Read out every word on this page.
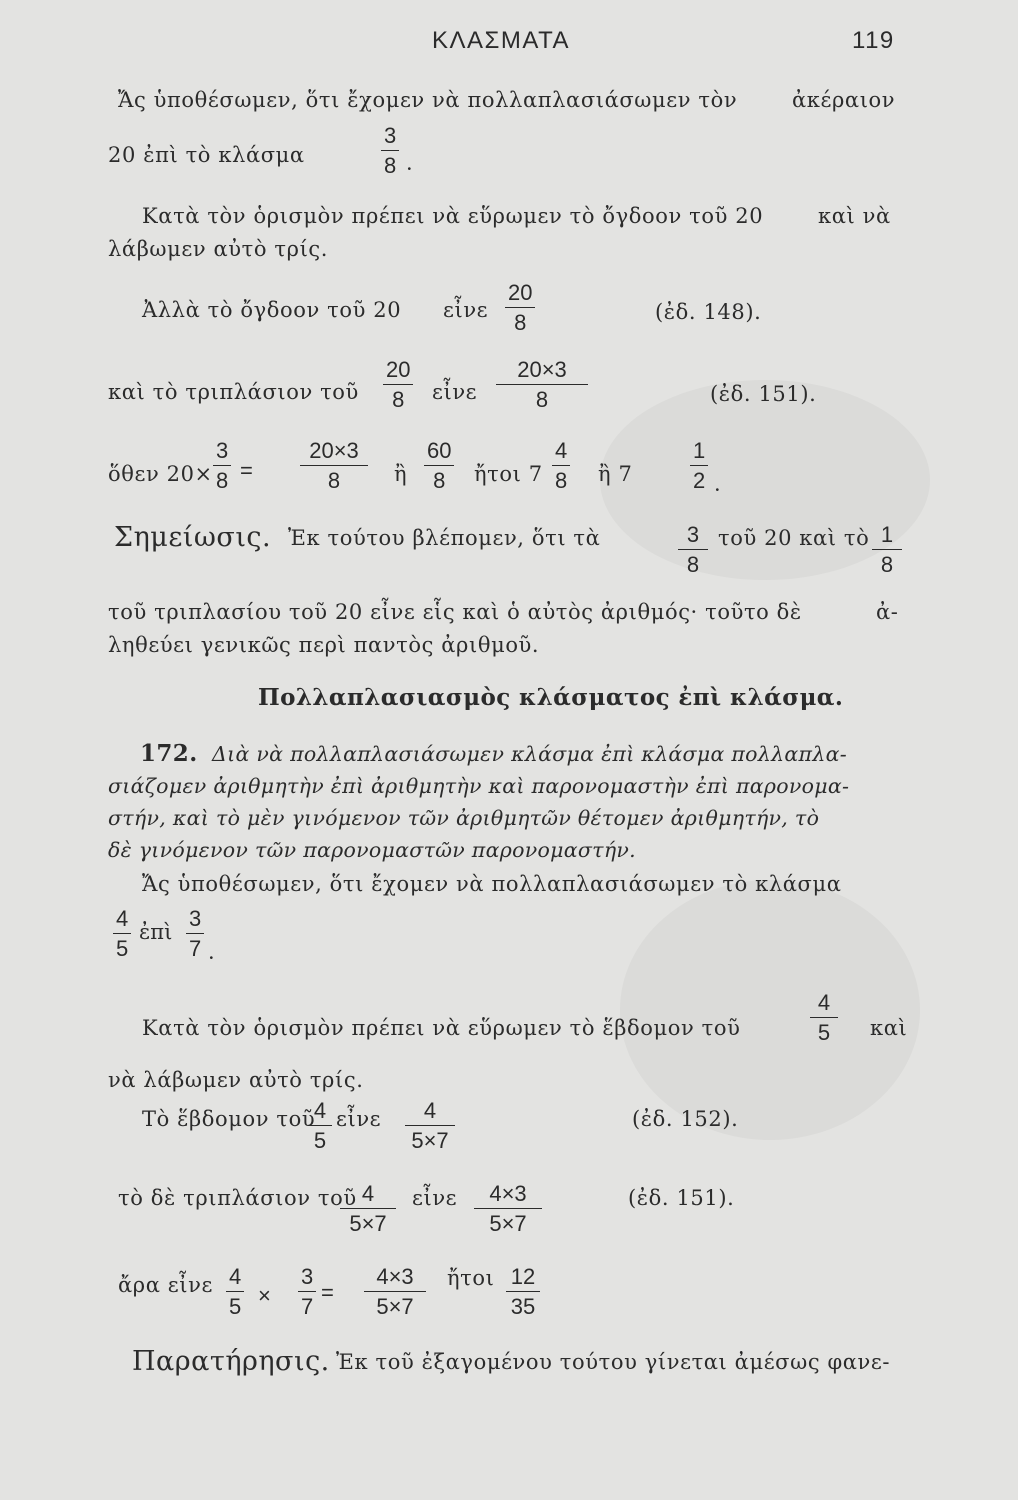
ΚΛΑΣΜΑΤΑ	119
Ἄς ὑποθέσωμεν, ὅτι ἔχομεν νὰ πολλαπλασιάσωμεν τὸν	ἀκέραιον
20 ἐπὶ τὸ κλάσμα	$\frac{3}{8}$ ·
Κατὰ τὸν ὁρισμὸν πρέπει νὰ εὕρωμεν τὸ ὄγδοον τοῦ 20	καὶ νὰ
λάβωμεν αὐτὸ τρίς.
Ἀλλὰ τὸ ὄγδοον τοῦ 20 εἶνε $\frac{20}{8}$	(ἐδ. 148).
καὶ τὸ τριπλάσιον τοῦ $\frac{20}{8}$ εἶνε $\frac{20\times 3}{8}$	(ἐδ. 151).
ὅθεν $20\times \frac{3}{8} = \frac{20\times 3}{8}$ ἢ $\frac{60}{8}$ ἤτοι $7 \frac{4}{8}$ ἢ 7	$\frac{1}{2}$ ·
Σημείωσις. Ἐκ τούτου βλέπομεν, ὅτι τὰ	$\frac{3}{8}$ τοῦ 20 καὶ τὸ $\frac{1}{8}$
τοῦ τριπλασίου τοῦ 20 εἶνε εἷς καὶ ὁ αὐτὸς ἀριθμός· τοῦτο δὲ	ἀ-
ληθεύει γενικῶς περὶ παντὸς ἀριθμοῦ.
Πολλαπλασιασμὸς κλάσματος ἐπὶ κλάσμα.
172. Διὰ νὰ πολλαπλασιάσωμεν κλάσμα ἐπὶ κλάσμα πολλαπλα-
σιάζομεν ἀριθμητὴν ἐπὶ ἀριθμητὴν καὶ παρονομαστὴν ἐπὶ παρονομα-
στήν, καὶ τὸ μὲν γινόμενον τῶν ἀριθμητῶν θέτομεν ἀριθμητήν, τὸ
δὲ γινόμενον τῶν παρονομαστῶν παρονομαστήν.
Ἄς ὑποθέσωμεν, ὅτι ἔχομεν νὰ πολλαπλασιάσωμεν τὸ κλάσμα
$\frac{4}{5}$ ἐπὶ $\frac{3}{7}$ ·
Κατὰ τὸν ὁρισμὸν πρέπει νὰ εὕρωμεν τὸ ἕβδομον τοῦ	$\frac{4}{5}$ καὶ
νὰ λάβωμεν αὐτὸ τρίς.
Τὸ ἕβδομον τοῦ
$\frac{4}{5}$ εἶνε $\frac{4}{5\times 7}$	(ἐδ. 152).
τὸ δὲ τριπλάσιον τοῦ
$\frac{4}{5\times 7}$ εἶνε $\frac{4\times 3}{5\times 7}$	(ἐδ. 151).
ἄρα εἶνε $\frac{4}{5} \times \frac{3}{7} = \frac{4\times 3}{5\times 7}$ ἤτοι $\frac{12}{35}$
Παρατήρησις. Ἐκ τοῦ ἐξαγομένου τούτου γίνεται ἀμέσως φανε-
